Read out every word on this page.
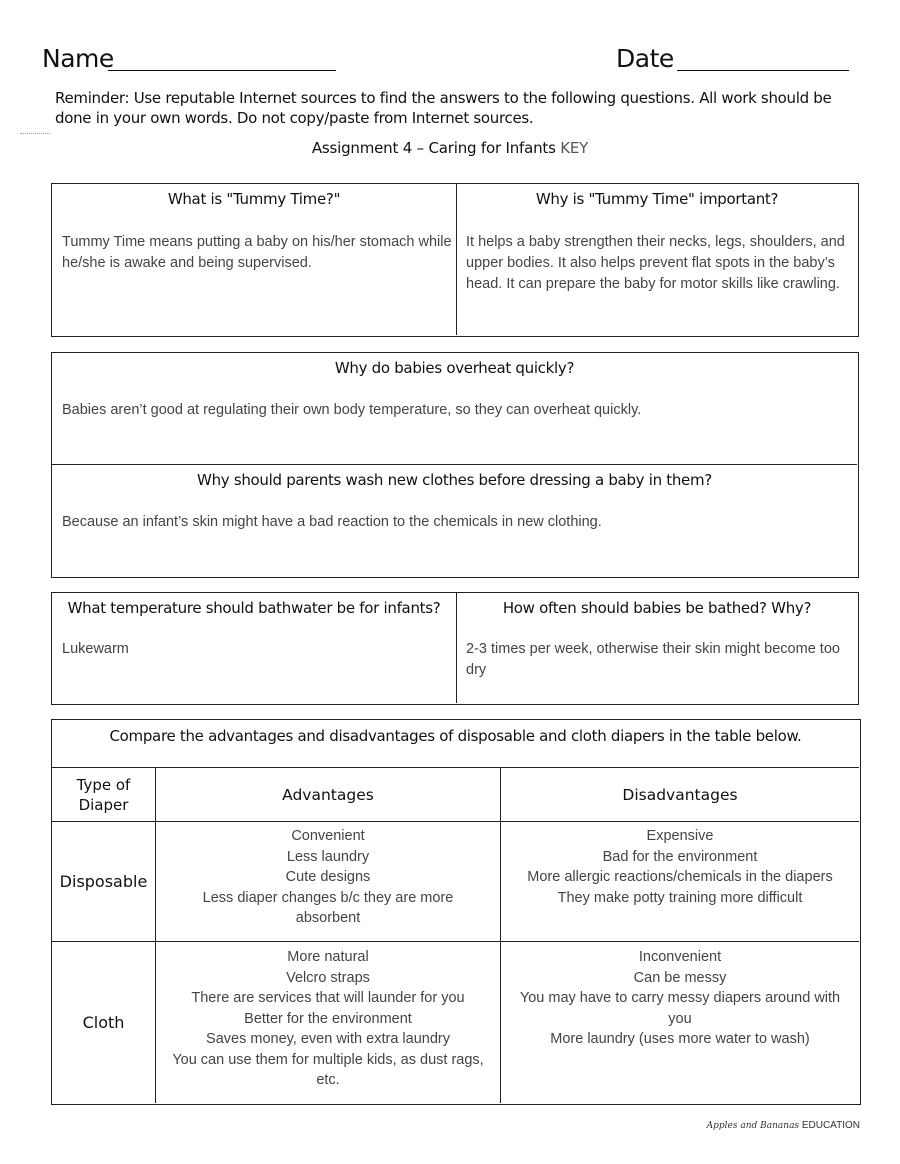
Name	Date
Reminder: Use reputable Internet sources to find the answers to the following questions. All work should be done in your own words. Do not copy/paste from Internet sources.
Assignment 4 – Caring for Infants KEY
What is "Tummy Time?"
Tummy Time means putting a baby on his/her stomach while he/she is awake and being supervised.
Why is "Tummy Time" important?
It helps a baby strengthen their necks, legs, shoulders, and upper bodies. It also helps prevent flat spots in the baby’s head. It can prepare the baby for motor skills like crawling.
Why do babies overheat quickly?
Babies aren’t good at regulating their own body temperature, so they can overheat quickly.
Why should parents wash new clothes before dressing a baby in them?
Because an infant’s skin might have a bad reaction to the chemicals in new clothing.
What temperature should bathwater be for infants?
Lukewarm
How often should babies be bathed? Why?
2-3 times per week, otherwise their skin might become too dry
Compare the advantages and disadvantages of disposable and cloth diapers in the table below.
Type of Diaper
Advantages	Disadvantages
Disposable
Convenient
Less laundry
Cute designs
Less diaper changes b/c they are more absorbent
Expensive
Bad for the environment
More allergic reactions/chemicals in the diapers
They make potty training more difficult
Cloth
More natural
Velcro straps
There are services that will launder for you
Better for the environment
Saves money, even with extra laundry
You can use them for multiple kids, as dust rags, etc.
Inconvenient
Can be messy
You may have to carry messy diapers around with you
More laundry (uses more water to wash)
Apples and Bananas EDUCATION
